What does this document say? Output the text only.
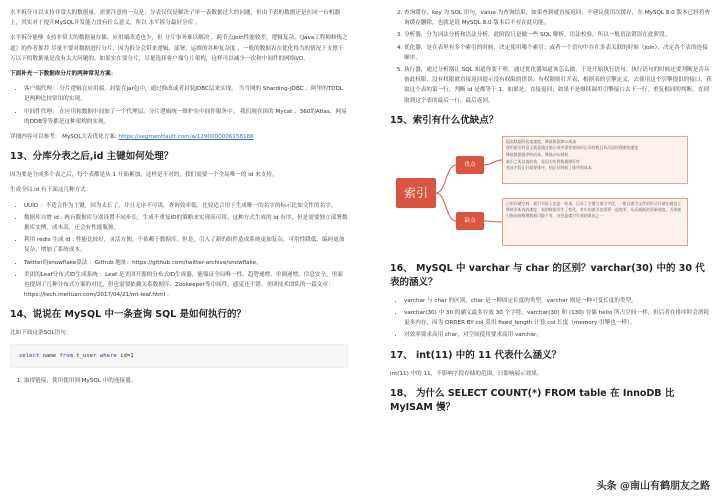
水平拆分可以支持非常大的数据量。需要注意的一点是：分表仅仅是解决了单一表数据过大的问题，但由于表的数据还是在同一台机器上，其实对于提升MySQL并发能力没有什么意义，所以 水平拆分最好分库 。

水平拆分能够 支持非常大的数据量存储，应用端改造也少，但 分片事务难以解决 ，跨节点Join性能较差，逻辑复杂。《Java工程师修炼之道》的作者推荐 尽量不要对数据进行分片，因为拆分会带来逻辑、部署、运维的各种复杂度 ，一般的数据表在优化得当的情况下支撑千万以下的数据量是没有太大问题的。如果实在要分片，尽量选择客户端分片架构，这样可以减少一次和中间件的网络I/O。

下面补充一下数据库分片的两种常见方案：

• 客户端代理： 分片逻辑在应用端，封装在jar包中，通过修改或者封装JDBC层来实现。 当当网的 Sharding-JDBC 、阿里的TDDL是两种比较常用的实现。
• 中间件代理： 在应用和数据中间加了一个代理层。分片逻辑统一维护在中间件服务中。 我们现在谈的 Mycat 、360的Atlas、网易的DDB等等都是这种架构的实现。

详细内容可以参考： MySQL大表优化方案: https://segmentfault.com/a/1190000006158186

13、分库分表之后,id 主键如何处理？

因为要是分成多个表之后，每个表都是从 1 开始累加，这样是不对的，我们需要一个全局唯一的 id 来支持。

生成全局 id 有下面这几种方式：

• UUID ：不适合作为主键，因为太长了，并且无序不可读，查询效率低。比较适合用于生成唯一的名字的标示比如文件的名字。
• 数据库自增 id : 两台数据库分别设置不同步长，生成不重复ID的策略来实现高可用。这种方式生成的 id 有序，但是需要独立部署数据库实例，成本高，还会有性能瓶颈。
• 利用 redis 生成 id : 性能比较好，灵活方便，不依赖于数据库。但是，引入了新的组件造成系统更加复杂，可用性降低，编码更加复杂，增加了系统成本。
• Twitter的snowflake算法 ：Github 地址：https://github.com/twitter-archive/snowflake。
• 美团的Leaf分布式ID生成系统 ：Leaf 是美团开源的分布式ID生成器，能保证全局唯一性、趋势递增、单调递增、信息安全，里面也提到了几种分布式方案的对比，但也需要依赖关系数据库、Zookeeper等中间件。感觉还不错。美团技术团队的一篇文章：https://tech.meituan.com/2017/04/21/mt-leaf.html 。
14、说说在 MySQL 中一条查询 SQL 是如何执行的？

比如下面这条SQL语句：

select name from t_user where id=1
1. 取得链接，使用使用到 MySQL 中的连接器。
2. 查询缓存，key 为 SQL 语句，value 为查询结果，如果查到就直接返回。不建议使用次缓存，在 MySQL 8.0 版本已经将查询缓存删除，也就是说 MySQL 8.0 版本后不存在此功能。
3. 分析器，分为词法分析和语法分析。此阶段只是做一些 SQL 解析，语法校验。所以一般语法错误在此阶段。
4. 优化器，是在表里有多个索引的时候，决定使用哪个索引；或者一个语句中存在多表关联的时候（join），决定各个表的连接顺序。
5. 执行器，通过分析器让 SQL 知道你要干啥，通过优化器知道该怎么做，于是开始执行语句。执行语句的时候还要判断是否具备此权限，没有权限就直接返回提示没有权限的错误；有权限则打开表，根据表的引擎定义，去使用这个引擎提供的接口，获取这个表的第一行，判断 id 是都等于 1。如果是，直接返回；如果不是继续调用引擎接口去下一行，重复相同的判断，直到取到这个表的最后一行，最后返回。
15、索引有什么优缺点？
索引
优点
缺点
提高数据的检索速度，降低数据库IO成本
使用索引的意义就是通过缩小表中需要查询的记录的数目从而加快搜索的速度
降低数据排序的成本，降低CPU消耗
索引之所以查的快，是因为先将数据排好序
若该字段正好需要排序，则正好降低了排序的成本
占用存储空间：索引实际上也是一张表，记录了主键与索引字段，一般以索引文件的形式存储在磁盘上
降低更新表的速度：表的数据发生了变化，对应的索引也需要一起变更，从而减低的更新速度。否则索引指向的物理数据可能不对，这也是索引失效的原因之一
16、 MySQL 中 varchar 与 char 的区别？varchar(30) 中的 30 代表的涵义？
• varchar 与 char 的区别，char 是一种固定长度的类型，varchar 则是一种可变长度的类型。
• varchar(30) 中 30 的涵义最多存放 30 个字符。varchar(30) 和 (130) 存储 hello 所占空间一样，但后者在排序时会消耗更多内存，因为 ORDER BY col 采用 fixed_length 计算 col 长度（memory 引擎也一样）。
• 对效率要求高用 char，对空间使用要求高用 varchar。
17、 int(11) 中的 11 代表什么涵义？

int(11) 中的 11，不影响字段存储的范围，只影响展示效果。

18、 为什么 SELECT COUNT(*) FROM table 在 InnoDB 比 MyISAM 慢？
头条 @南山有鹤朋友之路
